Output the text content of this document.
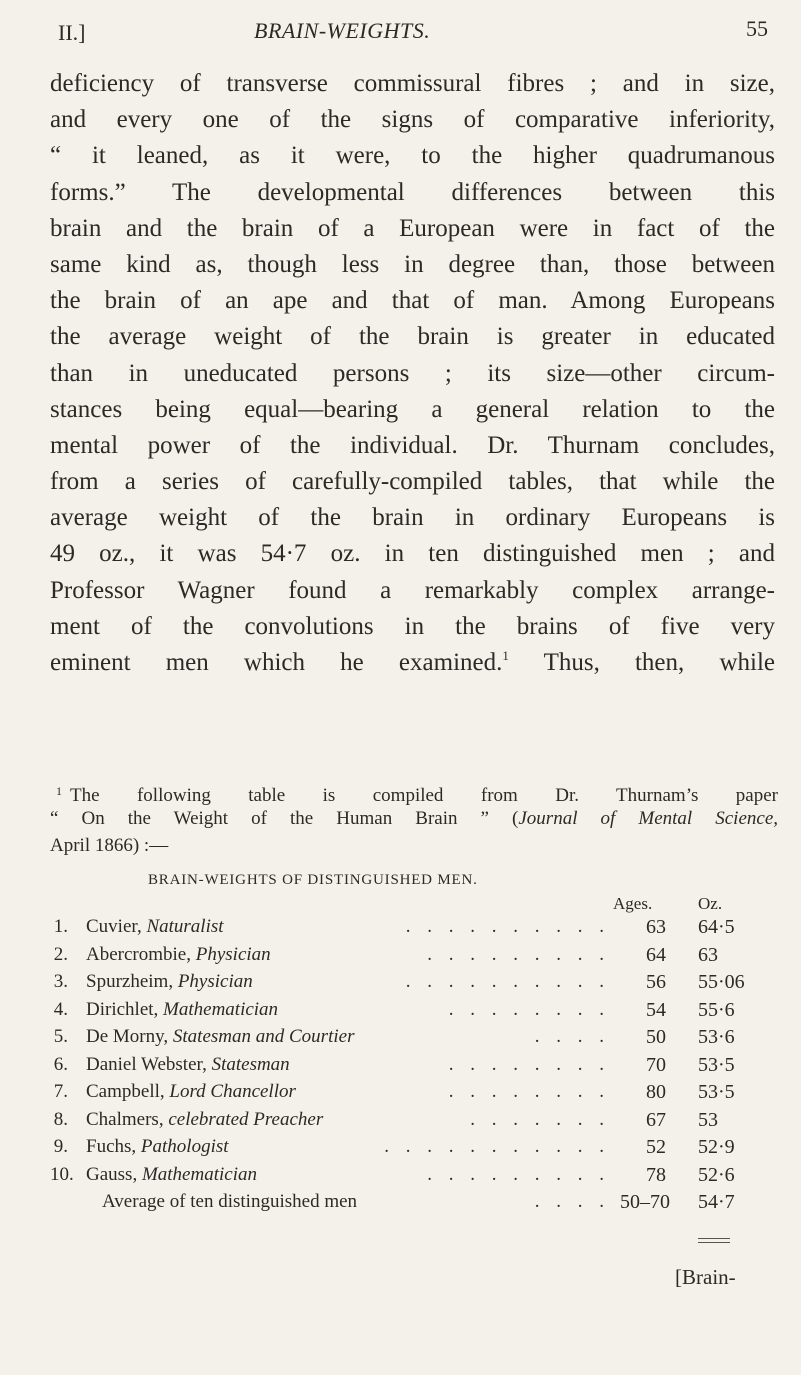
II.]	BRAIN-WEIGHTS.	55
deficiency of transverse commissural fibres ; and in size,
and every one of the signs of comparative inferiority,
“ it leaned, as it were, to the higher quadrumanous
forms.” The developmental differences between this
brain and the brain of a European were in fact of the
same kind as, though less in degree than, those between
the brain of an ape and that of man. Among Europeans
the average weight of the brain is greater in educated
than in uneducated persons ; its size—other circum-
stances being equal—bearing a general relation to the
mental power of the individual. Dr. Thurnam concludes,
from a series of carefully-compiled tables, that while the
average weight of the brain in ordinary Europeans is
49 oz., it was 54·7 oz. in ten distinguished men ; and
Professor Wagner found a remarkably complex arrange-
ment of the convolutions in the brains of five very
eminent men which he examined.$^1$ Thus, then, while
$^1$ The following table is compiled from Dr. Thurnam’s paper
“ On the Weight of the Human Brain ” (Journal of Mental Science,
April 1866) :—
BRAIN-WEIGHTS OF DISTINGUISHED MEN.
Ages.	Oz.
1. Cuvier, Naturalist	. . . . . . . . . .	63 64·5
2. Abercrombie, Physician	. . . . . . . . .	64 63
3. Spurzheim, Physician	. . . . . . . . . .	56 55·06
4. Dirichlet, Mathematician	. . . . . . . .	54 55·6
5. De Morny, Statesman and Courtier	. . . .	50 53·6
6. Daniel Webster, Statesman	. . . . . . . .	70 53·5
7. Campbell, Lord Chancellor	. . . . . . . .	80 53·5
8. Chalmers, celebrated Preacher	. . . . . . .	67 53
9. Fuchs, Pathologist	. . . . . . . . . . .	52 52·9
10. Gauss, Mathematician	. . . . . . . . .	78 52·6
Average of ten distinguished men	. . . . 50–70 54·7
[Brain-
